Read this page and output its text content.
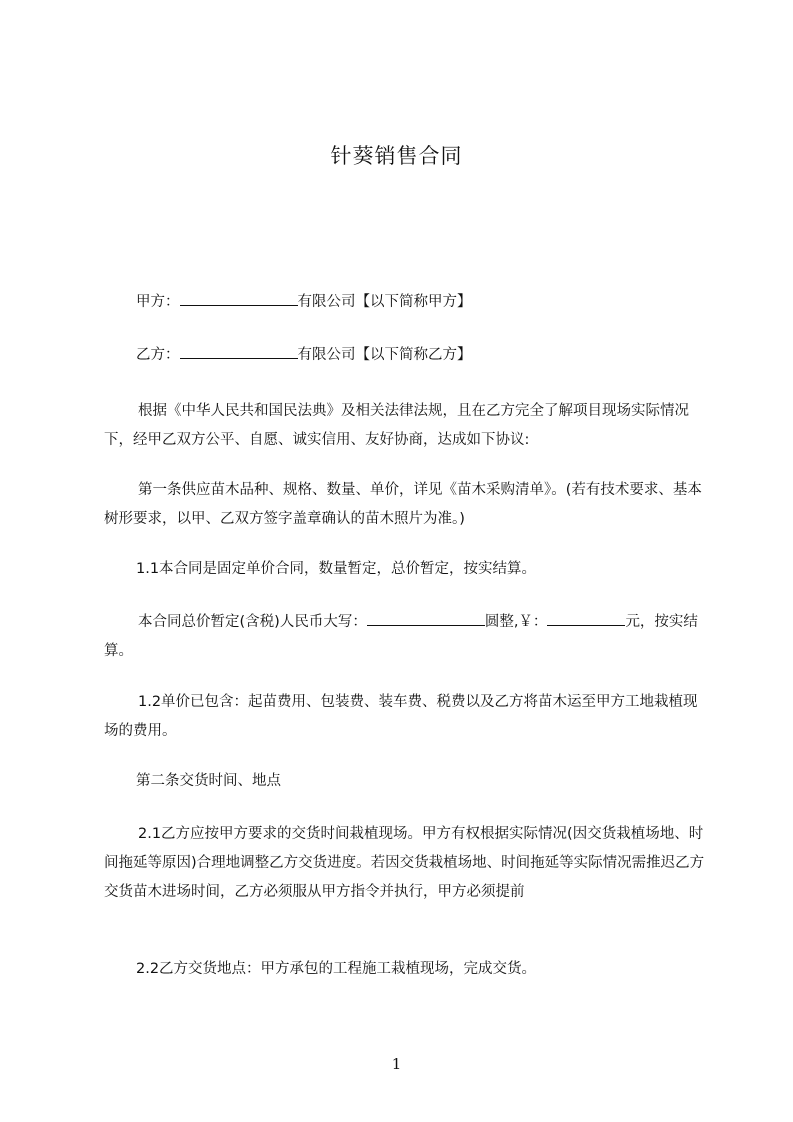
针葵销售合同

甲方：	有限公司【以下简称甲方】

乙方：	有限公司【以下简称乙方】

根据《中华人民共和国民法典》及相关法律法规，且在乙方完全了解项目现场实际情况下，经甲乙双方公平、自愿、诚实信用、友好协商，达成如下协议:

第一条供应苗木品种、规格、数量、单价，详见《苗木采购清单》。(若有技术要求、基本树形要求，以甲、乙双方签字盖章确认的苗木照片为准。)

1.1本合同是固定单价合同，数量暂定，总价暂定，按实结算。

本合同总价暂定(含税)人民币大写：	圆整,￥：	元，按实结算。

1.2单价已包含：起苗费用、包装费、装车费、税费以及乙方将苗木运至甲方工地栽植现场的费用。

第二条交货时间、地点

2.1乙方应按甲方要求的交货时间栽植现场。甲方有权根据实际情况(因交货栽植场地、时间拖延等原因)合理地调整乙方交货进度。若因交货栽植场地、时间拖延等实际情况需推迟乙方交货苗木进场时间，乙方必须服从甲方指令并执行，甲方必须提前

2.2乙方交货地点：甲方承包的工程施工栽植现场，完成交货。

1
